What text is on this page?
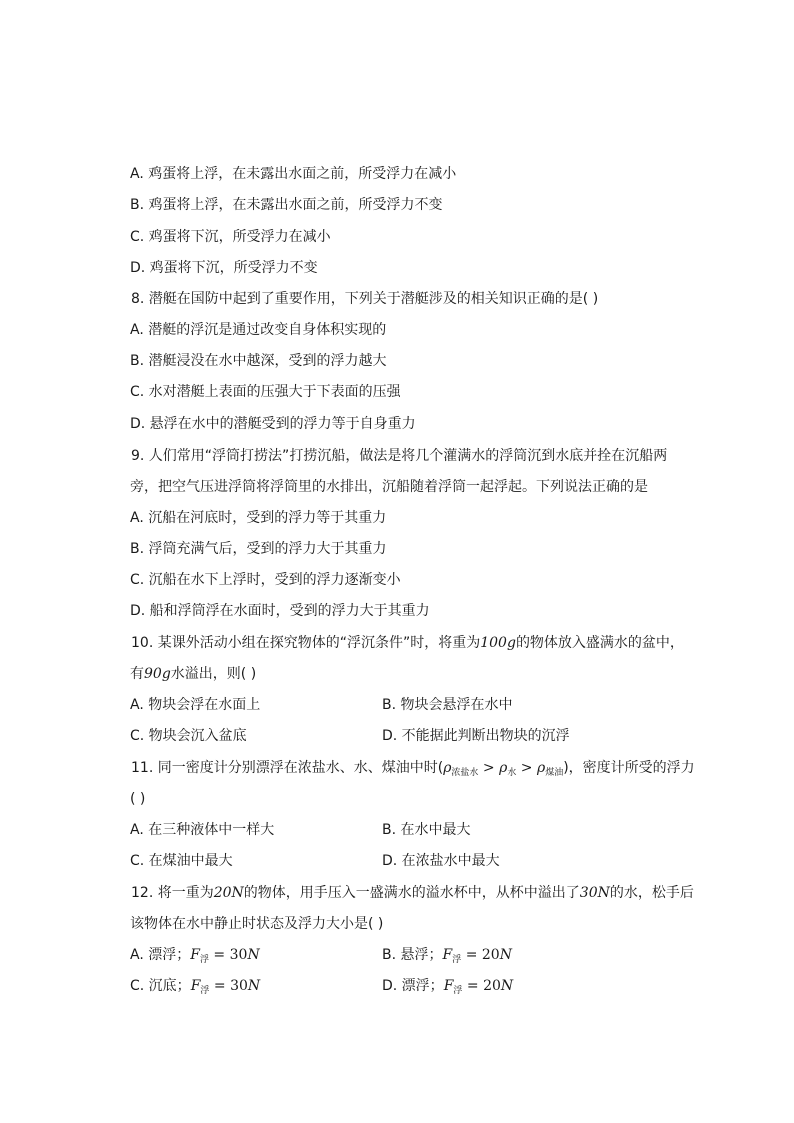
A. 鸡蛋将上浮，在未露出水面之前，所受浮力在减小
B. 鸡蛋将上浮，在未露出水面之前，所受浮力不变
C. 鸡蛋将下沉，所受浮力在减小
D. 鸡蛋将下沉，所受浮力不变
8. 潜艇在国防中起到了重要作用，下列关于潜艇涉及的相关知识正确的是( )
A. 潜艇的浮沉是通过改变自身体积实现的
B. 潜艇浸没在水中越深，受到的浮力越大
C. 水对潜艇上表面的压强大于下表面的压强
D. 悬浮在水中的潜艇受到的浮力等于自身重力
9. 人们常用“浮筒打捞法”打捞沉船，做法是将几个灌满水的浮筒沉到水底并拴在沉船两
旁，把空气压进浮筒将浮筒里的水排出，沉船随着浮筒一起浮起。下列说法正确的是
A. 沉船在河底时，受到的浮力等于其重力
B. 浮筒充满气后，受到的浮力大于其重力
C. 沉船在水下上浮时，受到的浮力逐渐变小
D. 船和浮筒浮在水面时，受到的浮力大于其重力
10. 某课外活动小组在探究物体的“浮沉条件”时，将重为100g的物体放入盛满水的盆中，
有90g水溢出，则( )
A. 物块会浮在水面上	B. 物块会悬浮在水中
C. 物块会沉入盆底	D. 不能据此判断出物块的沉浮
11. 同一密度计分别漂浮在浓盐水、水、煤油中时$(\rho_{浓盐水} > \rho_水 > \rho_{煤油})$，密度计所受的浮力
( )
A. 在三种液体中一样大	B. 在水中最大
C. 在煤油中最大	D. 在浓盐水中最大
12. 将一重为20N的物体，用手压入一盛满水的溢水杯中，从杯中溢出了30N的水，松手后
该物体在水中静止时状态及浮力大小是( )
A. 漂浮；$F_浮 = 30N$	B. 悬浮；$F_浮 = 20N$
C. 沉底；$F_浮 = 30N$	D. 漂浮；$F_浮 = 20N$
